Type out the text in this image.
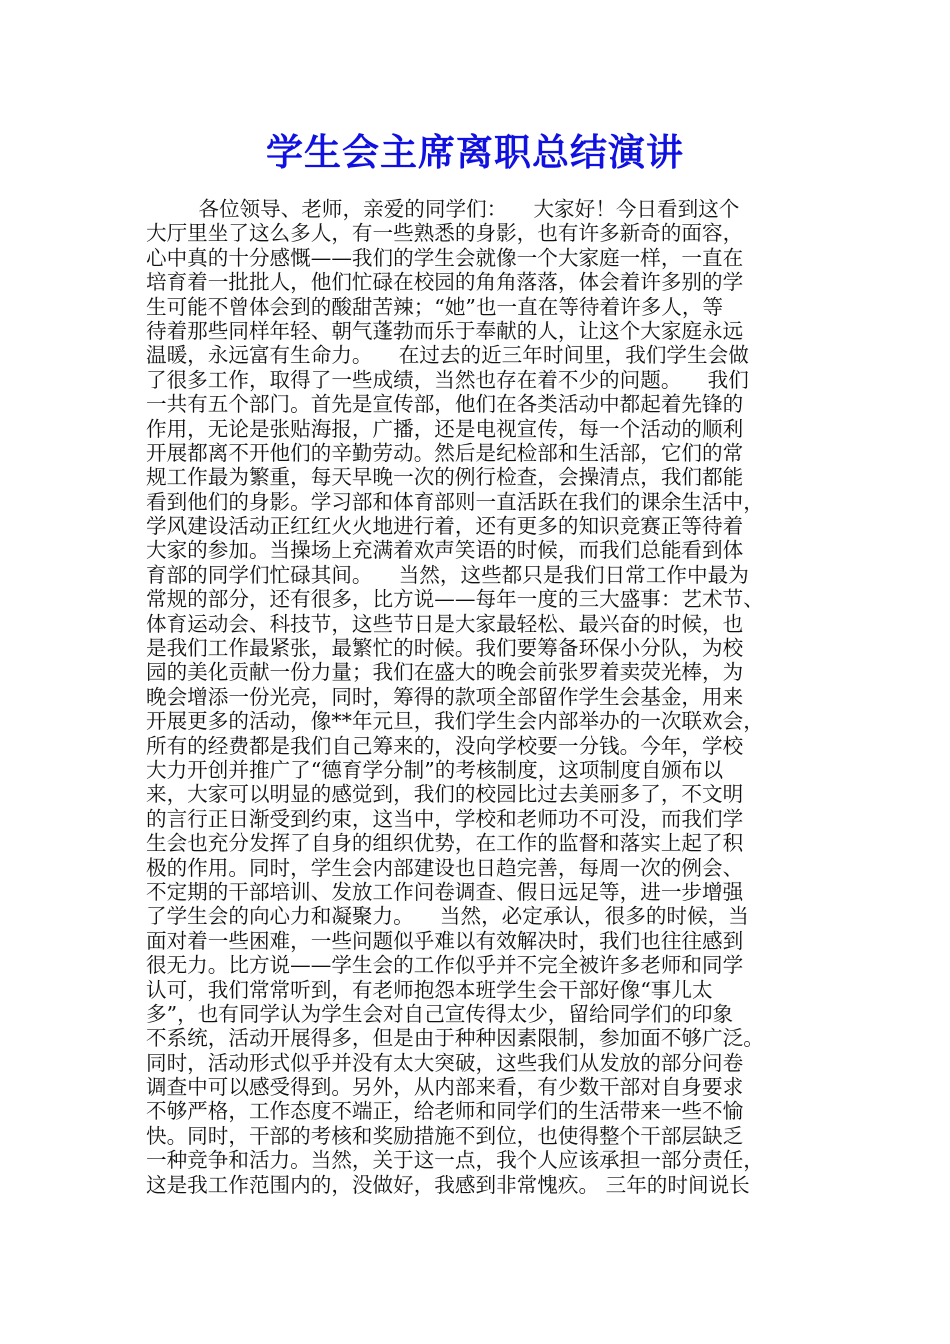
学生会主席离职总结演讲
各位领导、老师，亲爱的同学们：    大家好！今日看到这个
大厅里坐了这么多人，有一些熟悉的身影，也有许多新奇的面容，
心中真的十分感慨——我们的学生会就像一个大家庭一样，一直在
培育着一批批人，他们忙碌在校园的角角落落，体会着许多别的学
生可能不曾体会到的酸甜苦辣；“她”也一直在等待着许多人，等
待着那些同样年轻、朝气蓬勃而乐于奉献的人，让这个大家庭永远
温暖，永远富有生命力。    在过去的近三年时间里，我们学生会做
了很多工作，取得了一些成绩，当然也存在着不少的问题。    我们
一共有五个部门。首先是宣传部，他们在各类活动中都起着先锋的
作用，无论是张贴海报，广播，还是电视宣传，每一个活动的顺利
开展都离不开他们的辛勤劳动。然后是纪检部和生活部，它们的常
规工作最为繁重，每天早晚一次的例行检查，会操清点，我们都能
看到他们的身影。学习部和体育部则一直活跃在我们的课余生活中，
学风建设活动正红红火火地进行着，还有更多的知识竞赛正等待着
大家的参加。当操场上充满着欢声笑语的时候，而我们总能看到体
育部的同学们忙碌其间。    当然，这些都只是我们日常工作中最为
常规的部分，还有很多，比方说——每年一度的三大盛事：艺术节、
体育运动会、科技节，这些节日是大家最轻松、最兴奋的时候，也
是我们工作最紧张，最繁忙的时候。我们要筹备环保小分队，为校
园的美化贡献一份力量；我们在盛大的晚会前张罗着卖荧光棒，为
晚会增添一份光亮，同时，筹得的款项全部留作学生会基金，用来
开展更多的活动，像**年元旦，我们学生会内部举办的一次联欢会，
所有的经费都是我们自己筹来的，没向学校要一分钱。今年，学校
大力开创并推广了“德育学分制”的考核制度，这项制度自颁布以
来，大家可以明显的感觉到，我们的校园比过去美丽多了，不文明
的言行正日渐受到约束，这当中，学校和老师功不可没，而我们学
生会也充分发挥了自身的组织优势，在工作的监督和落实上起了积
极的作用。同时，学生会内部建设也日趋完善，每周一次的例会、
不定期的干部培训、发放工作问卷调查、假日远足等，进一步增强
了学生会的向心力和凝聚力。    当然，必定承认，很多的时候，当
面对着一些困难，一些问题似乎难以有效解决时，我们也往往感到
很无力。比方说——学生会的工作似乎并不完全被许多老师和同学
认可，我们常常听到，有老师抱怨本班学生会干部好像“事儿太
多”，也有同学认为学生会对自己宣传得太少，留给同学们的印象
不系统，活动开展得多，但是由于种种因素限制，参加面不够广泛。
同时，活动形式似乎并没有太大突破，这些我们从发放的部分问卷
调查中可以感受得到。另外，从内部来看，有少数干部对自身要求
不够严格，工作态度不端正，给老师和同学们的生活带来一些不愉
快。同时，干部的考核和奖励措施不到位，也使得整个干部层缺乏
一种竞争和活力。当然，关于这一点，我个人应该承担一部分责任，
这是我工作范围内的，没做好，我感到非常愧疚。 三年的时间说长
